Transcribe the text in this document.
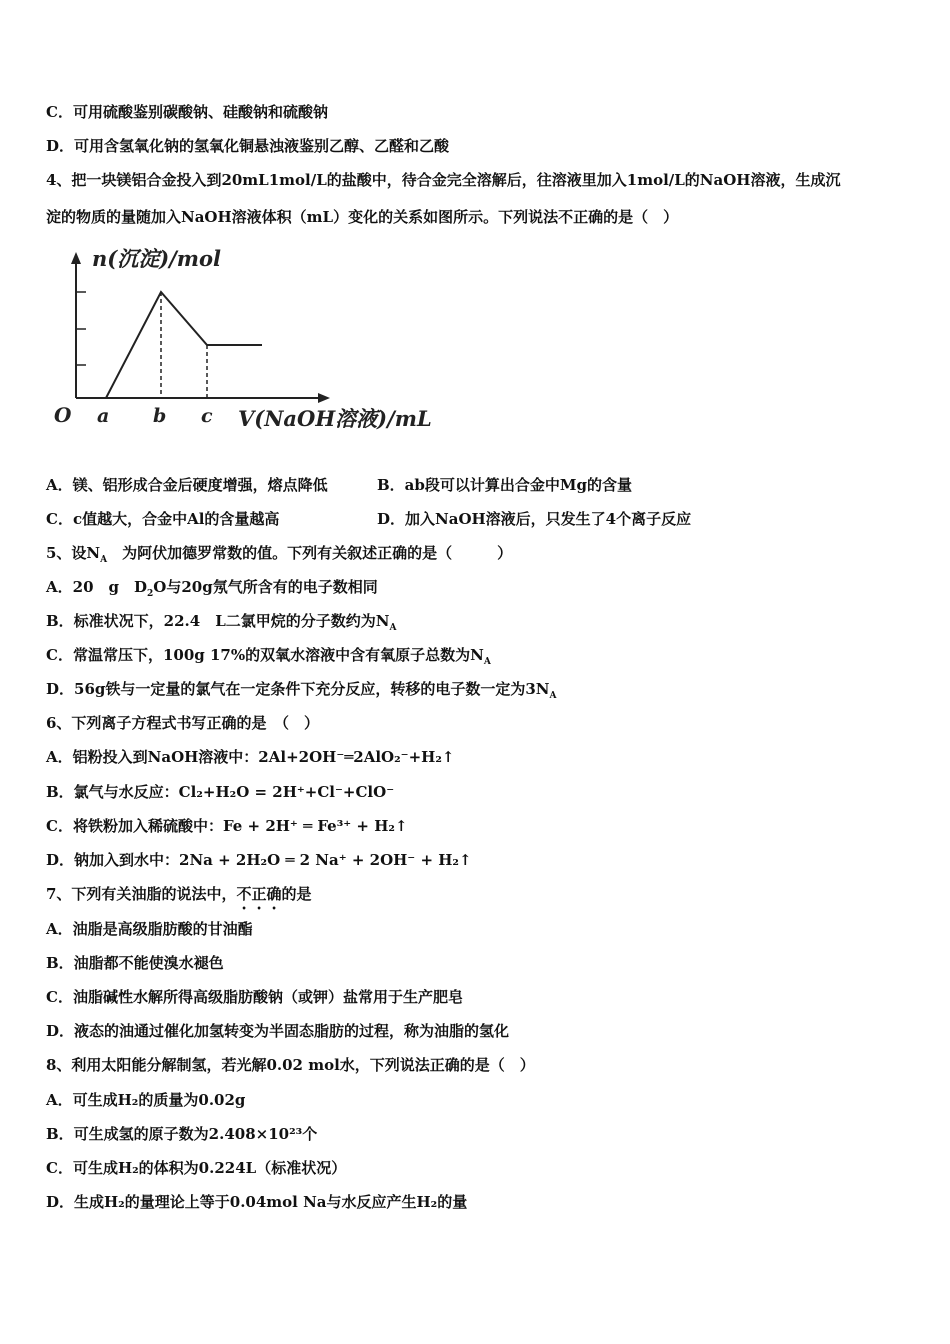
C．可用硫酸鉴别碳酸钠、硅酸钠和硫酸钠
D．可用含氢氧化钠的氢氧化铜悬浊液鉴别乙醇、乙醛和乙酸
4、把一块镁铝合金投入到20mL1mol/L的盐酸中，待合金完全溶解后，往溶液里加入1mol/L的NaOH溶液，生成沉
淀的物质的量随加入NaOH溶液体积（mL）变化的关系如图所示。下列说法不正确的是（　）
n(沉淀)/mol
O a b c V(NaOH溶液)/mL
A．镁、铝形成合金后硬度增强，熔点降低	B．ab段可以计算出合金中Mg的含量
C．c值越大，合金中Al的含量越高	D．加入NaOH溶液后，只发生了4个离子反应
5、设$N_A$　为阿伏加德罗常数的值。下列有关叙述正确的是（　　　）
A．20　g　$D_2O$与20g氖气所含有的电子数相同
B．标准状况下，22.4　L二氯甲烷的分子数约为$N_A$
C．常温常压下，100g 17%的双氧水溶液中含有氧原子总数为$N_A$
D．56g铁与一定量的氯气在一定条件下充分反应，转移的电子数一定为$3N_A$
6、下列离子方程式书写正确的是　（　）
A．铝粉投入到NaOH溶液中：2Al+2OH⁻═2AlO₂⁻+H₂↑
B．氯气与水反应：Cl₂+H₂O = 2H⁺+Cl⁻+ClO⁻
C．将铁粉加入稀硫酸中：Fe + 2H⁺ ═ Fe³⁺ + H₂↑
D．钠加入到水中：2Na + 2H₂O ═ 2 Na⁺ + 2OH⁻ + H₂↑
7、下列有关油脂的说法中，不正确的是
A．油脂是高级脂肪酸的甘油酯
B．油脂都不能使溴水褪色
C．油脂碱性水解所得高级脂肪酸钠（或钾）盐常用于生产肥皂
D．液态的油通过催化加氢转变为半固态脂肪的过程，称为油脂的氢化
8、利用太阳能分解制氢，若光解0.02 mol水，下列说法正确的是（　）
A．可生成H₂的质量为0.02g
B．可生成氢的原子数为2.408×10²³个
C．可生成H₂的体积为0.224L（标准状况）
D．生成H₂的量理论上等于0.04mol Na与水反应产生H₂的量
